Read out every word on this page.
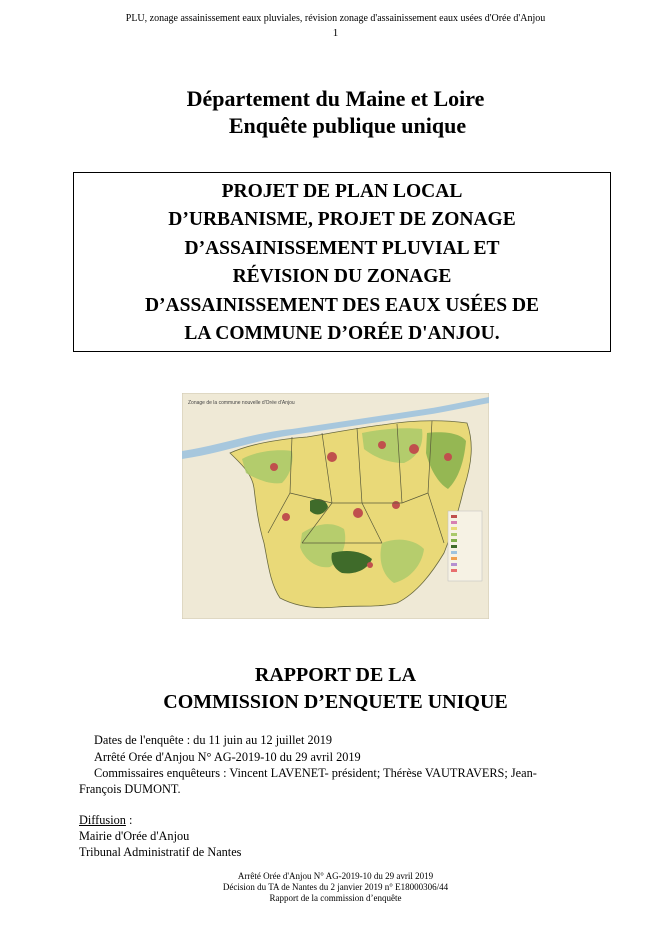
PLU, zonage assainissement eaux pluviales, révision zonage d'assainissement eaux usées d'Orée d'Anjou
1
Département du Maine et Loire
Enquête publique unique
PROJET DE PLAN LOCAL
D’URBANISME, PROJET DE ZONAGE
D’ASSAINISSEMENT PLUVIAL ET
RÉVISION DU ZONAGE
D’ASSAINISSEMENT DES EAUX USÉES DE
LA COMMUNE D’ORÉE D'ANJOU.
Zonage de la commune nouvelle d'Orée d'Anjou
RAPPORT DE LA
COMMISSION D’ENQUETE UNIQUE
Dates de l'enquête : du 11 juin au 12 juillet 2019
Arrêté Orée d'Anjou N° AG-2019-10 du 29 avril 2019
Commissaires enquêteurs : Vincent LAVENET- président; Thérèse VAUTRAVERS; Jean-
François DUMONT.
Diffusion :
Mairie d'Orée d'Anjou
Tribunal Administratif de Nantes
Arrêté Orée d'Anjou N° AG-2019-10 du 29 avril 2019
Décision du TA de Nantes du 2 janvier 2019 n° E18000306/44
Rapport de la commission d’enquête
